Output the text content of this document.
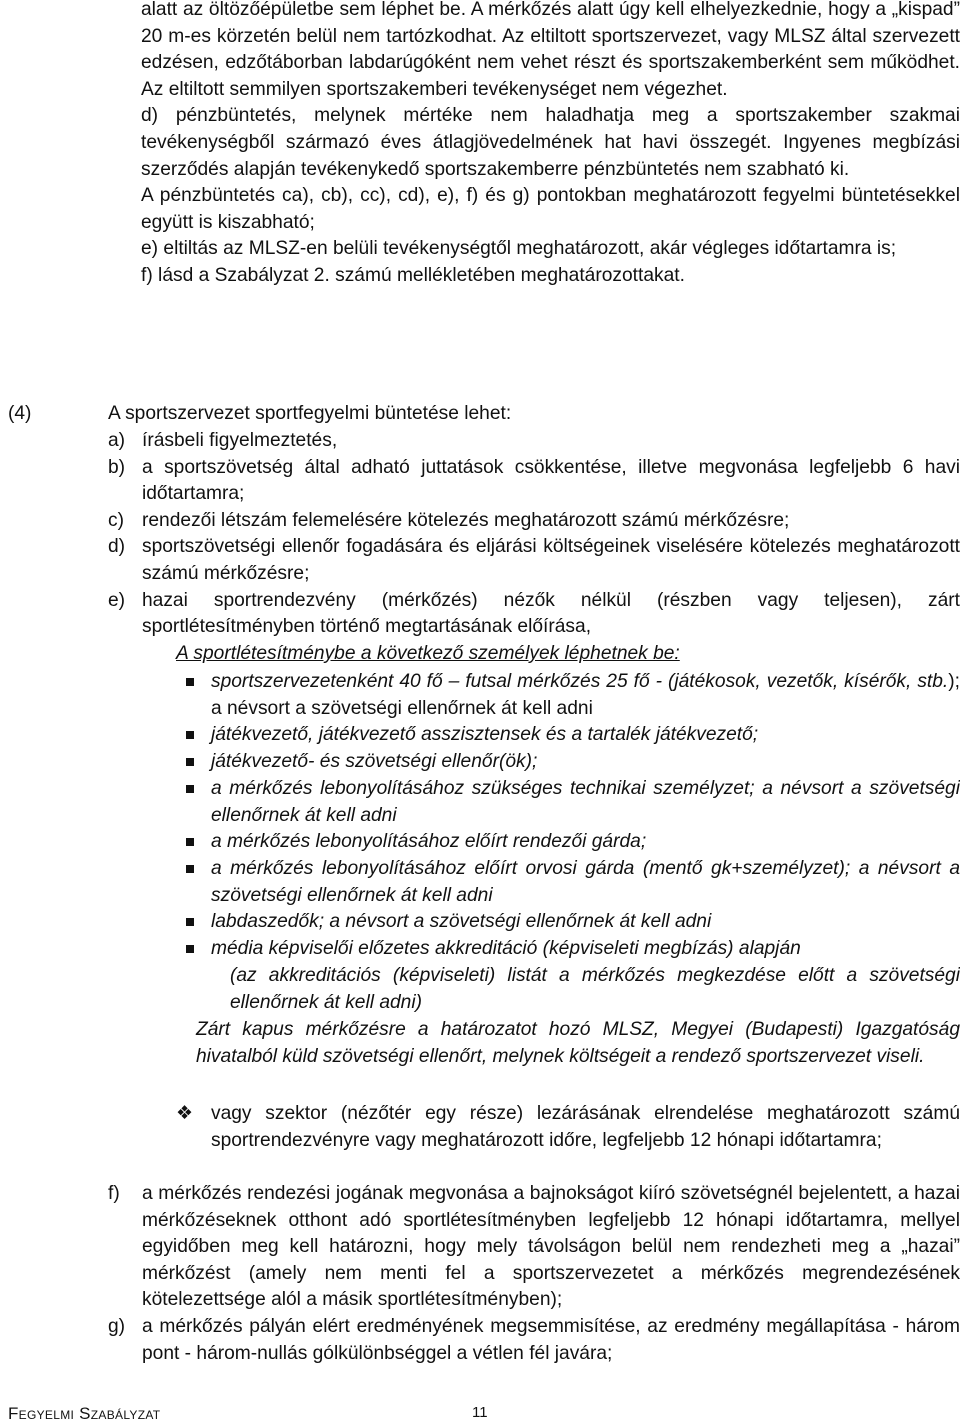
alatt az öltözőépületbe sem léphet be. A mérkőzés alatt úgy kell elhelyezkednie, hogy a „kispad” 20 m-es körzetén belül nem tartózkodhat. Az eltiltott sportszervezet, vagy MLSZ által szervezett edzésen, edzőtáborban labdarúgóként nem vehet részt és sportszakemberként sem működhet. Az eltiltott semmilyen sportszakemberi tevékenységet nem végezhet.
d) pénzbüntetés, melynek mértéke nem haladhatja meg a sportszakember szakmai tevékenységből származó éves átlagjövedelmének hat havi összegét. Ingyenes megbízási szerződés alapján tevékenykedő sportszakemberre pénzbüntetés nem szabható ki.
A pénzbüntetés ca), cb), cc), cd), e), f) és g) pontokban meghatározott fegyelmi büntetésekkel együtt is kiszabható;
e) eltiltás az MLSZ-en belüli tevékenységtől meghatározott, akár végleges időtartamra is;
f) lásd a Szabályzat 2. számú mellékletében meghatározottakat.
(4)	A sportszervezet sportfegyelmi büntetése lehet:
a) írásbeli figyelmeztetés,
b) a sportszövetség által adható juttatások csökkentése, illetve megvonása legfeljebb 6 havi időtartamra;
c) rendezői létszám felemelésére kötelezés meghatározott számú mérkőzésre;
d) sportszövetségi ellenőr fogadására és eljárási költségeinek viselésére kötelezés meghatározott számú mérkőzésre;
e) hazai sportrendezvény (mérkőzés) nézők nélkül (részben vagy teljesen), zárt sportlétesítményben történő megtartásának előírása,
A sportlétesítménybe a következő személyek léphetnek be:
sportszervezetenként 40 fő – futsal mérkőzés 25 fő - (játékosok, vezetők, kísérők, stb.); a névsort a szövetségi ellenőrnek át kell adni
játékvezető, játékvezető asszisztensek és a tartalék játékvezető;
játékvezető- és szövetségi ellenőr(ök);
a mérkőzés lebonyolításához szükséges technikai személyzet; a névsort a szövetségi ellenőrnek át kell adni
a mérkőzés lebonyolításához előírt rendezői gárda;
a mérkőzés lebonyolításához előírt orvosi gárda (mentő gk+személyzet); a névsort a szövetségi ellenőrnek át kell adni
labdaszedők; a névsort a szövetségi ellenőrnek át kell adni
média képviselői előzetes akkreditáció (képviseleti megbízás) alapján
(az akkreditációs (képviseleti) listát a mérkőzés megkezdése előtt a szövetségi ellenőrnek át kell adni)
Zárt kapus mérkőzésre a határozatot hozó MLSZ, Megyei (Budapesti) Igazgatóság hivatalból küld szövetségi ellenőrt, melynek költségeit a rendező sportszervezet viseli.
❖ vagy szektor (nézőtér egy része) lezárásának elrendelése meghatározott számú sportrendezvényre vagy meghatározott időre, legfeljebb 12 hónapi időtartamra;
f) a mérkőzés rendezési jogának megvonása a bajnokságot kiíró szövetségnél bejelentett, a hazai mérkőzéseknek otthont adó sportlétesítményben legfeljebb 12 hónapi időtartamra, mellyel egyidőben meg kell határozni, hogy mely távolságon belül nem rendezheti meg a „hazai” mérkőzést (amely nem menti fel a sportszervezetet a mérkőzés megrendezésének kötelezettsége alól a másik sportlétesítményben);
g) a mérkőzés pályán elért eredményének megsemmisítése, az eredmény megállapítása - három pont - három-nullás gólkülönbséggel a vétlen fél javára;
Fegyelmi Szabályzat	11
